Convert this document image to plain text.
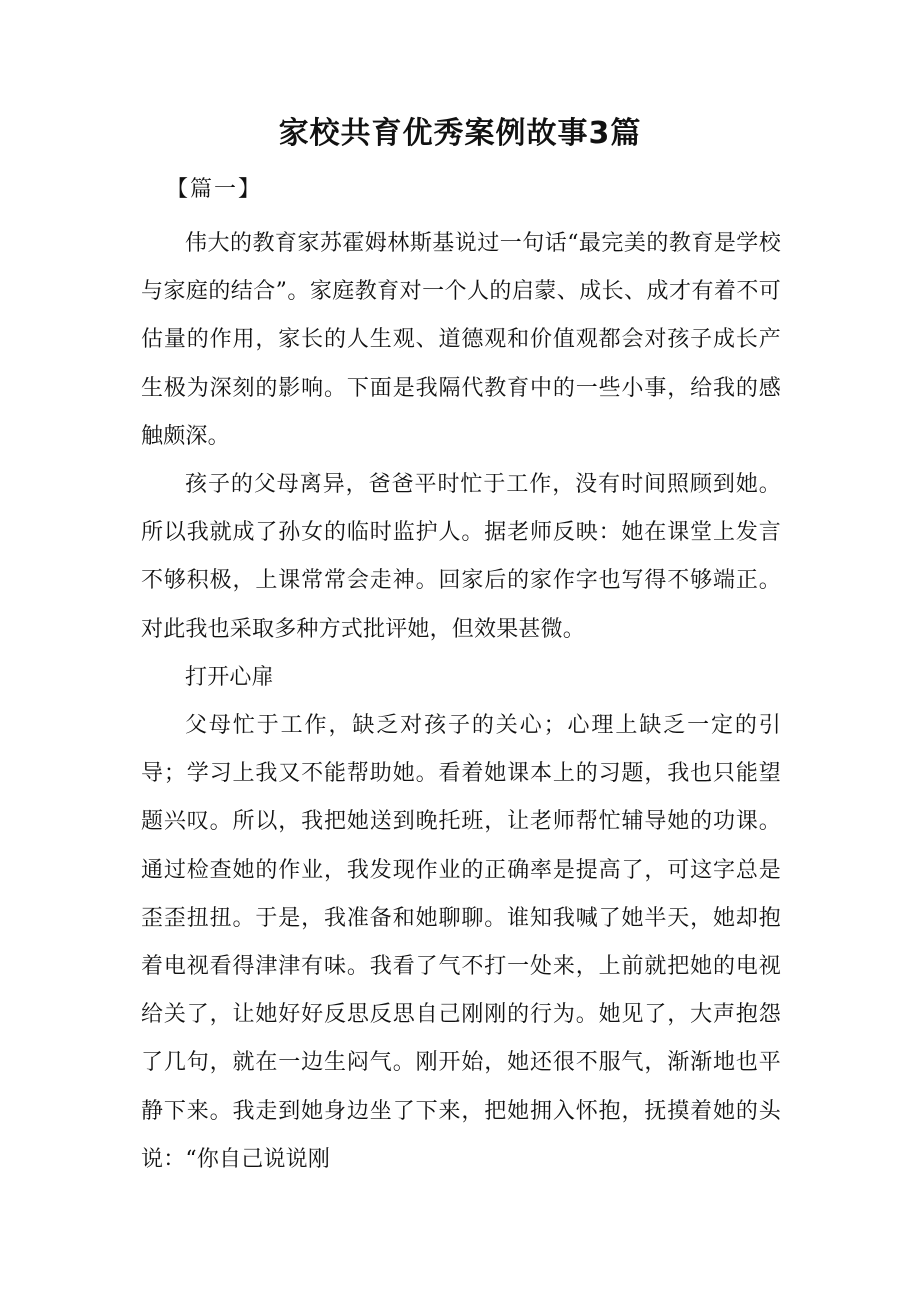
家校共育优秀案例故事3篇
【篇一】

伟大的教育家苏霍姆林斯基说过一句话“最完美的教育是学校与家庭的结合”。家庭教育对一个人的启蒙、成长、成才有着不可估量的作用，家长的人生观、道德观和价值观都会对孩子成长产生极为深刻的影响。下面是我隔代教育中的一些小事，给我的感触颇深。

孩子的父母离异，爸爸平时忙于工作，没有时间照顾到她。所以我就成了孙女的临时监护人。据老师反映：她在课堂上发言不够积极，上课常常会走神。回家后的家作字也写得不够端正。对此我也采取多种方式批评她，但效果甚微。

打开心扉

父母忙于工作，缺乏对孩子的关心；心理上缺乏一定的引导；学习上我又不能帮助她。看着她课本上的习题，我也只能望题兴叹。所以，我把她送到晚托班，让老师帮忙辅导她的功课。通过检查她的作业，我发现作业的正确率是提高了，可这字总是歪歪扭扭。于是，我准备和她聊聊。谁知我喊了她半天，她却抱着电视看得津津有味。我看了气不打一处来，上前就把她的电视给关了，让她好好反思反思自己刚刚的行为。她见了，大声抱怨了几句，就在一边生闷气。刚开始，她还很不服气，渐渐地也平静下来。我走到她身边坐了下来，把她拥入怀抱，抚摸着她的头说：“你自己说说刚
